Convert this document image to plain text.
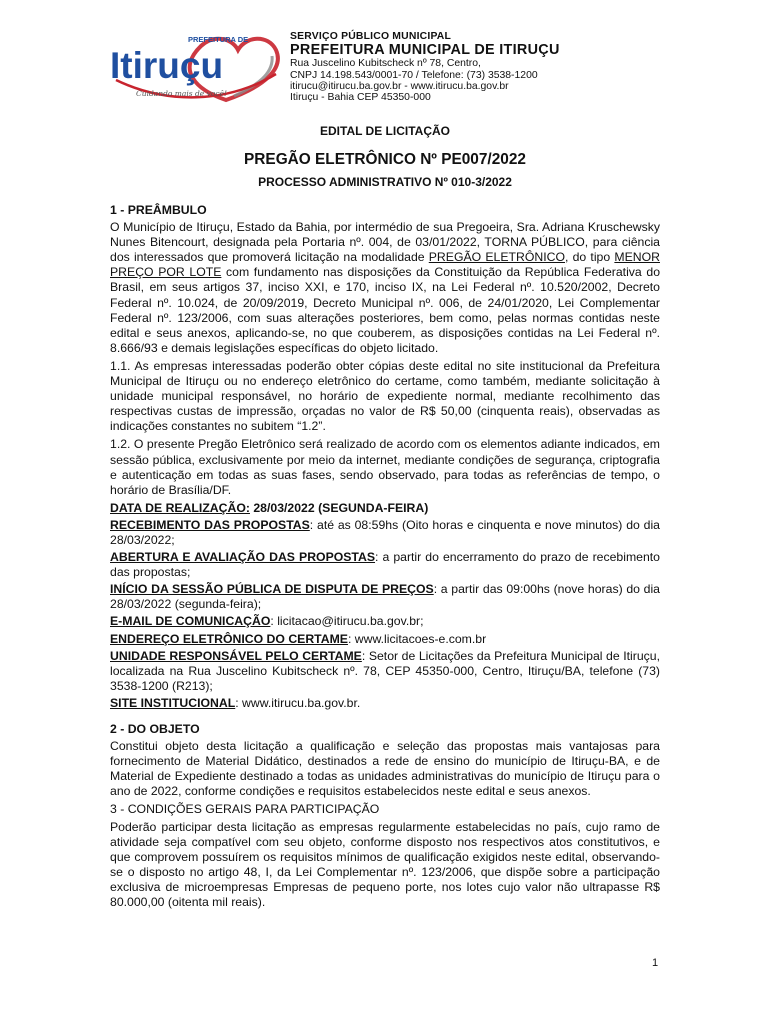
PREFEITURA DE
Itiruçu
Cuidando mais de você!
SERVIÇO PÚBLICO MUNICIPAL
PREFEITURA MUNICIPAL DE ITIRUÇU
Rua Juscelino Kubitscheck nº 78, Centro,
CNPJ 14.198.543/0001-70 / Telefone: (73) 3538-1200
itirucu@itirucu.ba.gov.br - www.itirucu.ba.gov.br
Itiruçu - Bahia CEP 45350-000
EDITAL DE LICITAÇÃO
PREGÃO ELETRÔNICO Nº PE007/2022
PROCESSO ADMINISTRATIVO Nº 010-3/2022
1 - PREÂMBULO
O Município de Itiruçu, Estado da Bahia, por intermédio de sua Pregoeira, Sra. Adriana Kruschewsky Nunes Bitencourt, designada pela Portaria nº. 004, de 03/01/2022, TORNA PÚBLICO, para ciência dos interessados que promoverá licitação na modalidade PREGÃO ELETRÔNICO, do tipo MENOR PREÇO POR LOTE com fundamento nas disposições da Constituição da República Federativa do Brasil, em seus artigos 37, inciso XXI, e 170, inciso IX, na Lei Federal nº. 10.520/2002, Decreto Federal nº. 10.024, de 20/09/2019, Decreto Municipal nº. 006, de 24/01/2020, Lei Complementar Federal nº. 123/2006, com suas alterações posteriores, bem como, pelas normas contidas neste edital e seus anexos, aplicando-se, no que couberem, as disposições contidas na Lei Federal nº. 8.666/93 e demais legislações específicas do objeto licitado.
1.1. As empresas interessadas poderão obter cópias deste edital no site institucional da Prefeitura Municipal de Itiruçu ou no endereço eletrônico do certame, como também, mediante solicitação à unidade municipal responsável, no horário de expediente normal, mediante recolhimento das respectivas custas de impressão, orçadas no valor de R$ 50,00 (cinquenta reais), observadas as indicações constantes no subitem “1.2”.
1.2. O presente Pregão Eletrônico será realizado de acordo com os elementos adiante indicados, em sessão pública, exclusivamente por meio da internet, mediante condições de segurança, criptografia e autenticação em todas as suas fases, sendo observado, para todas as referências de tempo, o horário de Brasília/DF.
DATA DE REALIZAÇÃO: 28/03/2022 (SEGUNDA-FEIRA)
RECEBIMENTO DAS PROPOSTAS: até as 08:59hs (Oito horas e cinquenta e nove minutos) do dia 28/03/2022;
ABERTURA E AVALIAÇÃO DAS PROPOSTAS: a partir do encerramento do prazo de recebimento das propostas;
INÍCIO DA SESSÃO PÚBLICA DE DISPUTA DE PREÇOS: a partir das 09:00hs (nove horas) do dia 28/03/2022 (segunda-feira);
E-MAIL DE COMUNICAÇÃO: licitacao@itirucu.ba.gov.br;
ENDEREÇO ELETRÔNICO DO CERTAME: www.licitacoes-e.com.br
UNIDADE RESPONSÁVEL PELO CERTAME: Setor de Licitações da Prefeitura Municipal de Itiruçu, localizada na Rua Juscelino Kubitscheck nº. 78, CEP 45350-000, Centro, Itiruçu/BA, telefone (73) 3538-1200 (R213);
SITE INSTITUCIONAL: www.itirucu.ba.gov.br.
2 - DO OBJETO
Constitui objeto desta licitação a qualificação e seleção das propostas mais vantajosas para fornecimento de Material Didático, destinados a rede de ensino do município de Itiruçu-BA, e de Material de Expediente destinado a todas as unidades administrativas do município de Itiruçu para o ano de 2022, conforme condições e requisitos estabelecidos neste edital e seus anexos.
3 - CONDIÇÕES GERAIS PARA PARTICIPAÇÃO
Poderão participar desta licitação as empresas regularmente estabelecidas no país, cujo ramo de atividade seja compatível com seu objeto, conforme disposto nos respectivos atos constitutivos, e que comprovem possuírem os requisitos mínimos de qualificação exigidos neste edital, observando-se o disposto no artigo 48, I, da Lei Complementar nº. 123/2006, que dispõe sobre a participação exclusiva de microempresas Empresas de pequeno porte, nos lotes cujo valor não ultrapasse R$ 80.000,00 (oitenta mil reais).
1
